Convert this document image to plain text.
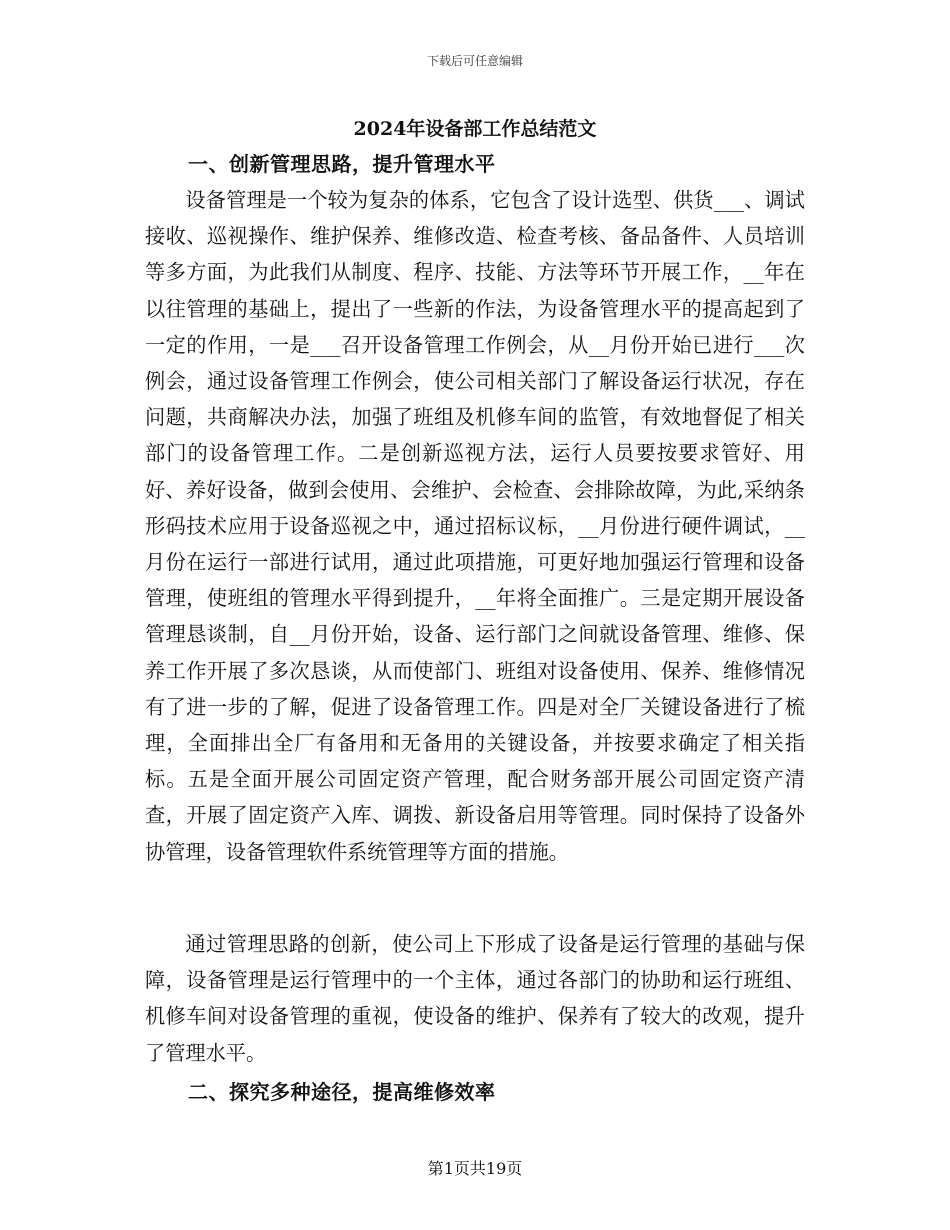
下载后可任意编辑
2024年设备部工作总结范文
一、创新管理思路，提升管理水平

设备管理是一个较为复杂的体系，它包含了设计选型、供货___、调试接收、巡视操作、维护保养、维修改造、检查考核、备品备件、人员培训等多方面，为此我们从制度、程序、技能、方法等环节开展工作，__年在以往管理的基础上，提出了一些新的作法，为设备管理水平的提高起到了一定的作用，一是___召开设备管理工作例会，从__月份开始已进行___次例会，通过设备管理工作例会，使公司相关部门了解设备运行状况，存在问题，共商解决办法，加强了班组及机修车间的监管，有效地督促了相关部门的设备管理工作。二是创新巡视方法，运行人员要按要求管好、用好、养好设备，做到会使用、会维护、会检查、会排除故障，为此,采纳条形码技术应用于设备巡视之中，通过招标议标，__月份进行硬件调试，__月份在运行一部进行试用，通过此项措施，可更好地加强运行管理和设备管理，使班组的管理水平得到提升，__年将全面推广。三是定期开展设备管理恳谈制，自__月份开始，设备、运行部门之间就设备管理、维修、保养工作开展了多次恳谈，从而使部门、班组对设备使用、保养、维修情况有了进一步的了解，促进了设备管理工作。四是对全厂关键设备进行了梳理，全面排出全厂有备用和无备用的关键设备，并按要求确定了相关指标。五是全面开展公司固定资产管理，配合财务部开展公司固定资产清查，开展了固定资产入库、调拨、新设备启用等管理。同时保持了设备外协管理，设备管理软件系统管理等方面的措施。

通过管理思路的创新，使公司上下形成了设备是运行管理的基础与保障，设备管理是运行管理中的一个主体，通过各部门的协助和运行班组、机修车间对设备管理的重视，使设备的维护、保养有了较大的改观，提升了管理水平。

二、探究多种途径，提高维修效率
第1页共19页
